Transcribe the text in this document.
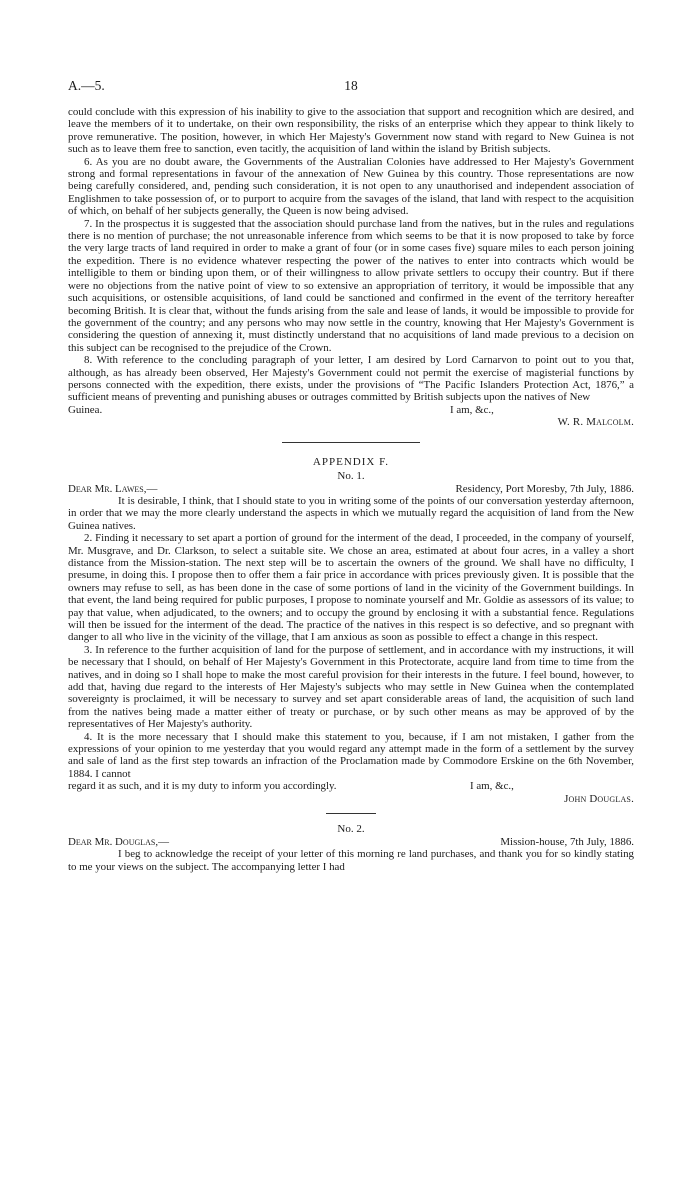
A.—5.	18

could conclude with this expression of his inability to give to the association that support and recognition which are desired, and leave the members of it to undertake, on their own responsibility, the risks of an enterprise which they appear to think likely to prove remunerative. The position, however, in which Her Majesty's Government now stand with regard to New Guinea is not such as to leave them free to sanction, even tacitly, the acquisition of land within the island by British subjects.

6. As you are no doubt aware, the Governments of the Australian Colonies have addressed to Her Majesty's Government strong and formal representations in favour of the annexation of New Guinea by this country. Those representations are now being carefully considered, and, pending such consideration, it is not open to any unauthorised and independent association of Englishmen to take possession of, or to purport to acquire from the savages of the island, that land with respect to the acquisition of which, on behalf of her subjects generally, the Queen is now being advised.

7. In the prospectus it is suggested that the association should purchase land from the natives, but in the rules and regulations there is no mention of purchase; the not unreasonable inference from which seems to be that it is now proposed to take by force the very large tracts of land required in order to make a grant of four (or in some cases five) square miles to each person joining the expedition. There is no evidence whatever respecting the power of the natives to enter into contracts which would be intelligible to them or binding upon them, or of their willingness to allow private settlers to occupy their country. But if there were no objections from the native point of view to so extensive an appropriation of territory, it would be impossible that any such acquisitions, or ostensible acquisitions, of land could be sanctioned and confirmed in the event of the territory hereafter becoming British. It is clear that, without the funds arising from the sale and lease of lands, it would be impossible to provide for the government of the country; and any persons who may now settle in the country, knowing that Her Majesty's Government is considering the question of annexing it, must distinctly understand that no acquisitions of land made previous to a decision on this subject can be recognised to the prejudice of the Crown.

8. With reference to the concluding paragraph of your letter, I am desired by Lord Carnarvon to point out to you that, although, as has already been observed, Her Majesty's Government could not permit the exercise of magisterial functions by persons connected with the expedition, there exists, under the provisions of “The Pacific Islanders Protection Act, 1876,” a sufficient means of preventing and punishing abuses or outrages committed by British subjects upon the natives of New

Guinea.	I am, &c.,
W. R. Malcolm.
APPENDIX F.
No. 1.
Dear Mr. Lawes,—	Residency, Port Moresby, 7th July, 1886.

It is desirable, I think, that I should state to you in writing some of the points of our conversation yesterday afternoon, in order that we may the more clearly understand the aspects in which we mutually regard the acquisition of land from the New Guinea natives.

2. Finding it necessary to set apart a portion of ground for the interment of the dead, I proceeded, in the company of yourself, Mr. Musgrave, and Dr. Clarkson, to select a suitable site. We chose an area, estimated at about four acres, in a valley a short distance from the Mission-station. The next step will be to ascertain the owners of the ground. We shall have no difficulty, I presume, in doing this. I propose then to offer them a fair price in accordance with prices previously given. It is possible that the owners may refuse to sell, as has been done in the case of some portions of land in the vicinity of the Government buildings. In that event, the land being required for public purposes, I propose to nominate yourself and Mr. Goldie as assessors of its value; to pay that value, when adjudicated, to the owners; and to occupy the ground by enclosing it with a substantial fence. Regulations will then be issued for the interment of the dead. The practice of the natives in this respect is so defective, and so pregnant with danger to all who live in the vicinity of the village, that I am anxious as soon as possible to effect a change in this respect.

3. In reference to the further acquisition of land for the purpose of settlement, and in accordance with my instructions, it will be necessary that I should, on behalf of Her Majesty's Government in this Protectorate, acquire land from time to time from the natives, and in doing so I shall hope to make the most careful provision for their interests in the future. I feel bound, however, to add that, having due regard to the interests of Her Majesty's subjects who may settle in New Guinea when the contemplated sovereignty is proclaimed, it will be necessary to survey and set apart considerable areas of land, the acquisition of such land from the natives being made a matter either of treaty or purchase, or by such other means as may be approved of by the representatives of Her Majesty's authority.

4. It is the more necessary that I should make this statement to you, because, if I am not mistaken, I gather from the expressions of your opinion to me yesterday that you would regard any attempt made in the form of a settlement by the survey and sale of land as the first step towards an infraction of the Proclamation made by Commodore Erskine on the 6th November, 1884. I cannot

regard it as such, and it is my duty to inform you accordingly.	I am, &c.,
John Douglas.
No. 2.
Dear Mr. Douglas,—	Mission-house, 7th July, 1886.

I beg to acknowledge the receipt of your letter of this morning re land purchases, and thank you for so kindly stating to me your views on the subject. The accompanying letter I had
